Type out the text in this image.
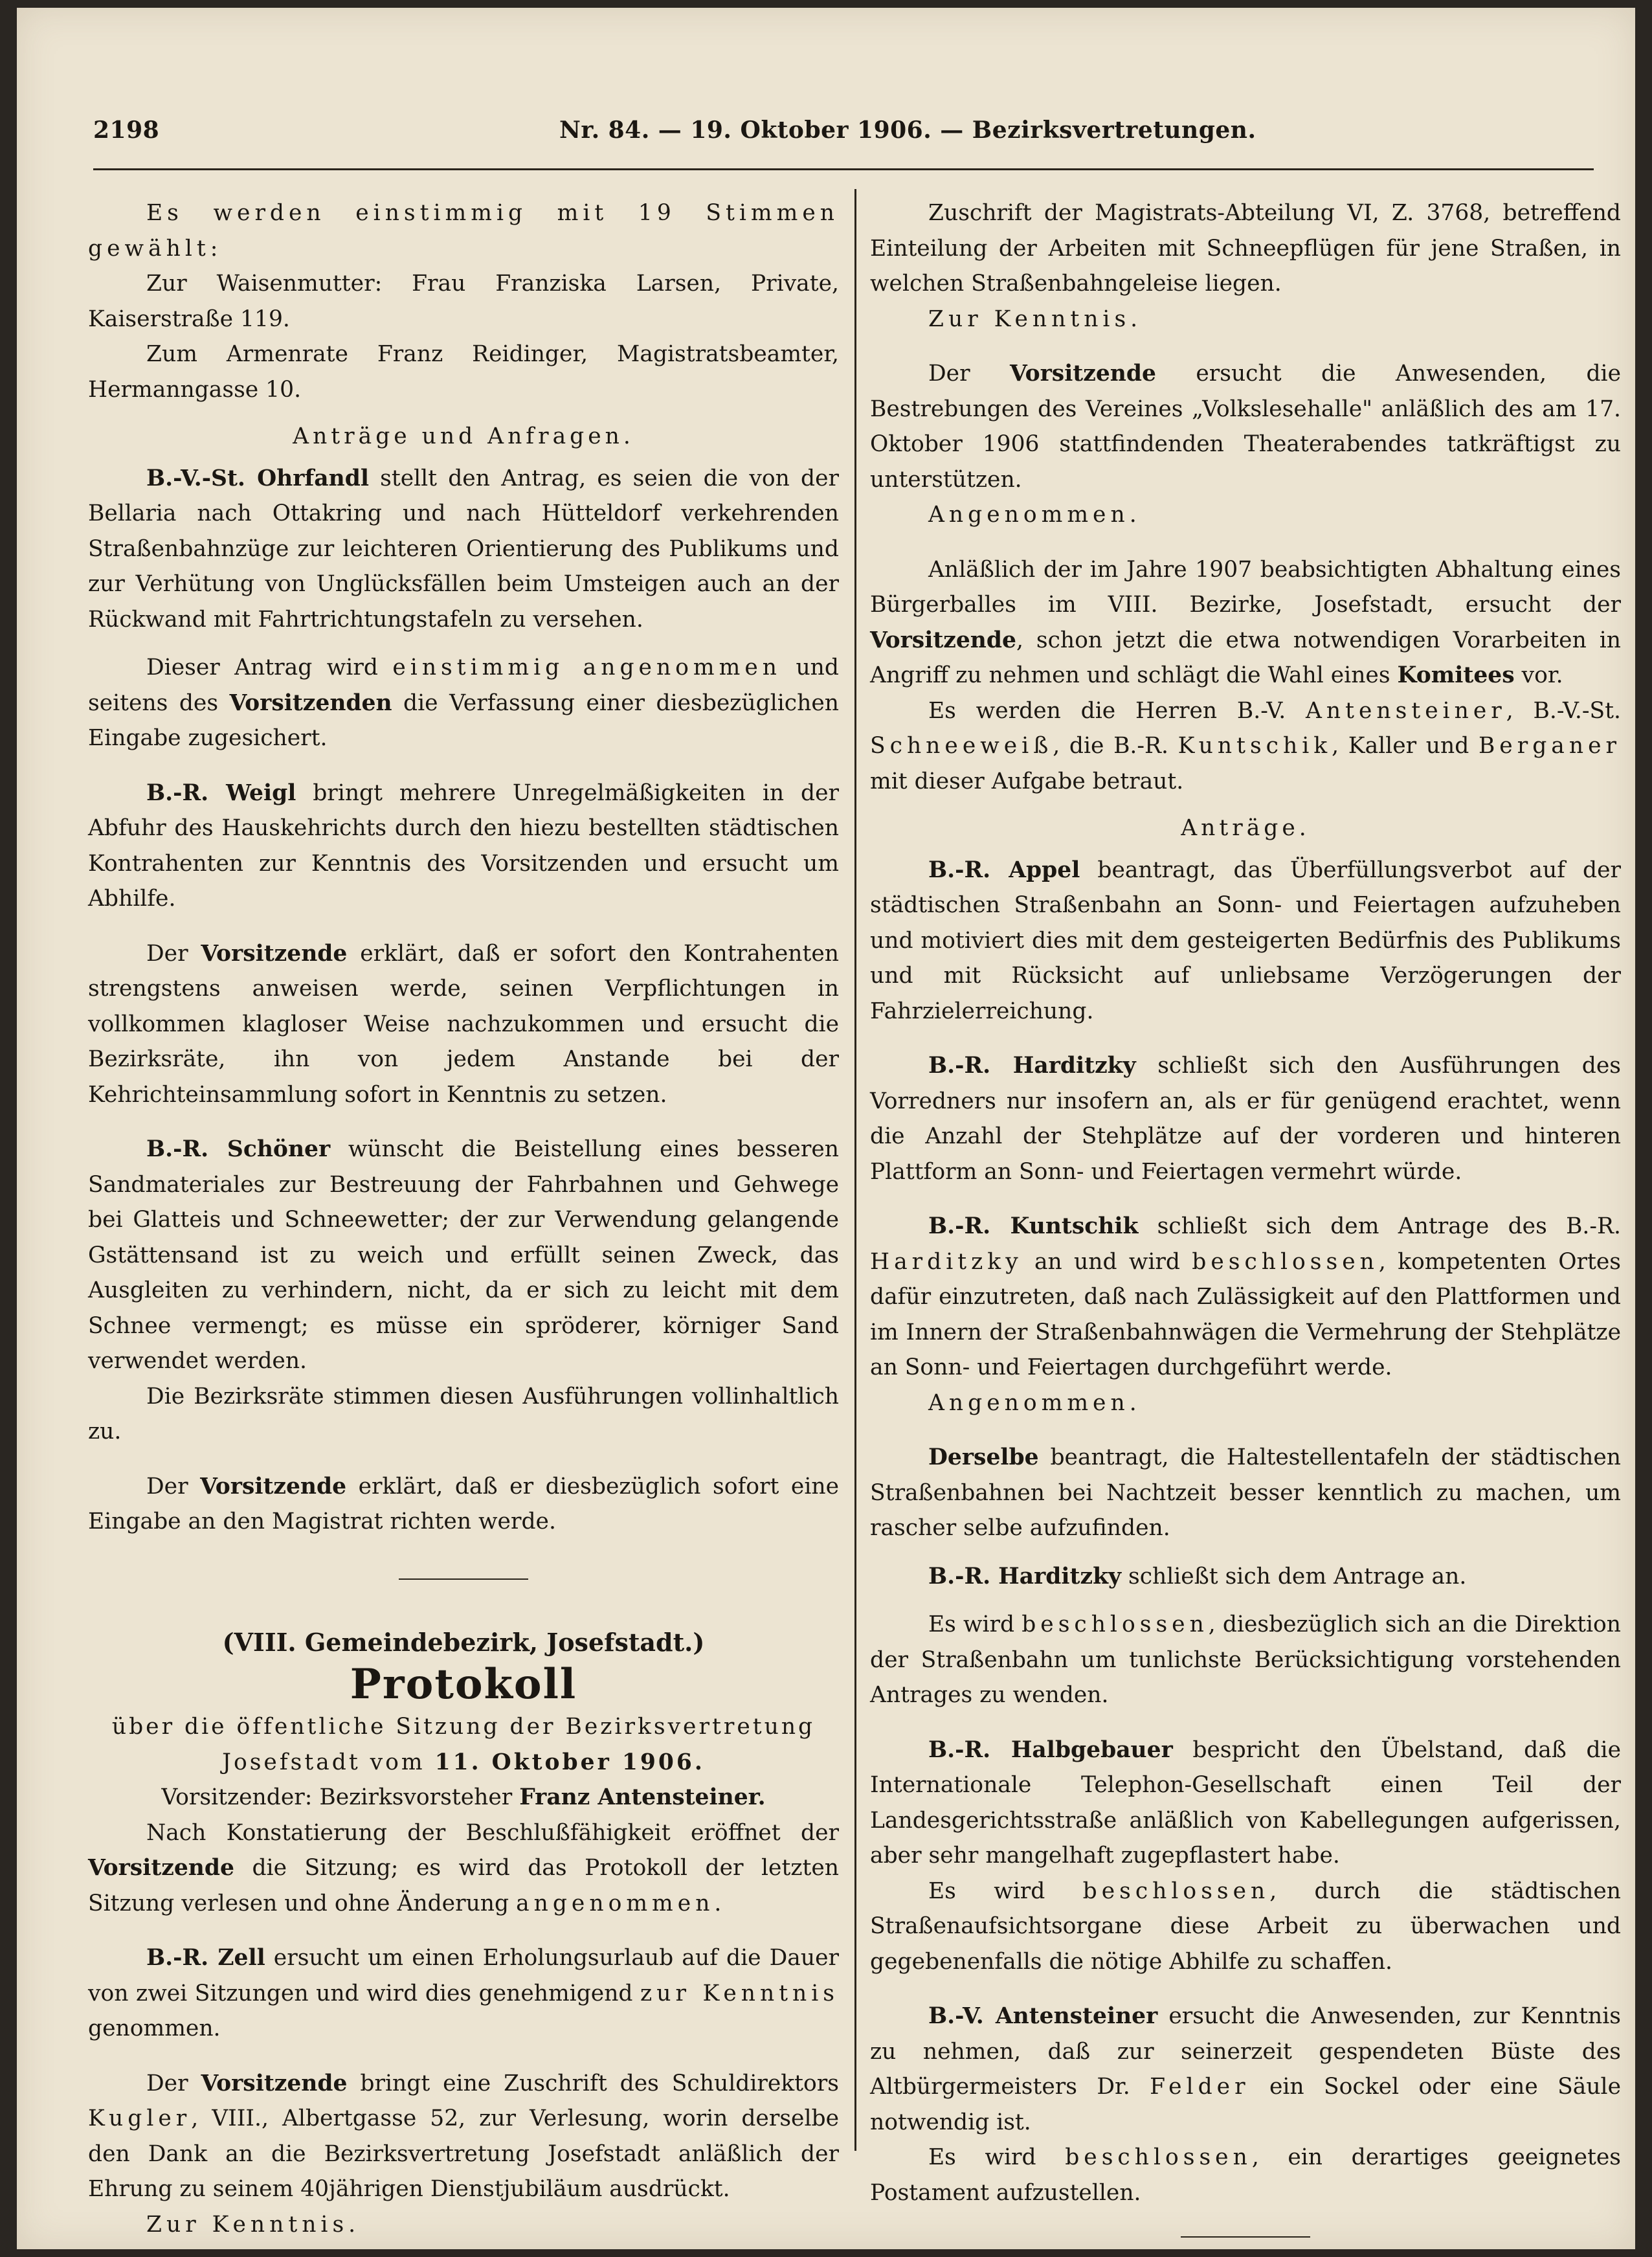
2198	Nr. 84. — 19. Oktober 1906. — Bezirksvertretungen.

Es werden einstimmig mit 19 Stimmen gewählt:

Zur Waisenmutter: Frau Franziska Larsen, Private, Kaiserstraße 119.

Zum Armenrate Franz Reidinger, Magistratsbeamter, Hermanngasse 10.

Anträge und Anfragen.

B.-V.-St. Ohrfandl stellt den Antrag, es seien die von der Bellaria nach Ottakring und nach Hütteldorf verkehrenden Straßenbahnzüge zur leichteren Orientierung des Publikums und zur Verhütung von Unglücksfällen beim Umsteigen auch an der Rückwand mit Fahrtrichtungstafeln zu versehen.

Dieser Antrag wird einstimmig angenommen und seitens des Vorsitzenden die Verfassung einer diesbezüglichen Eingabe zugesichert.

B.-R. Weigl bringt mehrere Unregelmäßigkeiten in der Abfuhr des Hauskehrichts durch den hiezu bestellten städtischen Kontrahenten zur Kenntnis des Vorsitzenden und ersucht um Abhilfe.

Der Vorsitzende erklärt, daß er sofort den Kontrahenten strengstens anweisen werde, seinen Verpflichtungen in vollkommen klagloser Weise nachzukommen und ersucht die Bezirksräte, ihn von jedem Anstande bei der Kehrichteinsammlung sofort in Kenntnis zu setzen.

B.-R. Schöner wünscht die Beistellung eines besseren Sandmateriales zur Bestreuung der Fahrbahnen und Gehwege bei Glatteis und Schneewetter; der zur Verwendung gelangende Gstättensand ist zu weich und erfüllt seinen Zweck, das Ausgleiten zu verhindern, nicht, da er sich zu leicht mit dem Schnee vermengt; es müsse ein spröderer, körniger Sand verwendet werden.

Die Bezirksräte stimmen diesen Ausführungen vollinhaltlich zu.

Der Vorsitzende erklärt, daß er diesbezüglich sofort eine Eingabe an den Magistrat richten werde.

(VIII. Gemeindebezirk, Josefstadt.)

Protokoll

über die öffentliche Sitzung der Bezirksvertretung

Josefstadt vom 11. Oktober 1906.

Vorsitzender: Bezirksvorsteher Franz Antensteiner.

Nach Konstatierung der Beschlußfähigkeit eröffnet der Vorsitzende die Sitzung; es wird das Protokoll der letzten Sitzung verlesen und ohne Änderung angenommen.

B.-R. Zell ersucht um einen Erholungsurlaub auf die Dauer von zwei Sitzungen und wird dies genehmigend zur Kenntnis genommen.

Der Vorsitzende bringt eine Zuschrift des Schuldirektors Kugler, VIII., Albertgasse 52, zur Verlesung, worin derselbe den Dank an die Bezirksvertretung Josefstadt anläßlich der Ehrung zu seinem 40jährigen Dienstjubiläum ausdrückt.

Zur Kenntnis.

Zuschrift der Magistrats-Abteilung VI, Z. 3768, betreffend Einteilung der Arbeiten mit Schneepflügen für jene Straßen, in welchen Straßenbahngeleise liegen.

Zur Kenntnis.

Der Vorsitzende ersucht die Anwesenden, die Bestrebungen des Vereines „Volkslesehalle" anläßlich des am 17. Oktober 1906 stattfindenden Theaterabendes tatkräftigst zu unterstützen.

Angenommen.

Anläßlich der im Jahre 1907 beabsichtigten Abhaltung eines Bürgerballes im VIII. Bezirke, Josefstadt, ersucht der Vorsitzende, schon jetzt die etwa notwendigen Vorarbeiten in Angriff zu nehmen und schlägt die Wahl eines Komitees vor.

Es werden die Herren B.-V. Antensteiner, B.-V.-St. Schneeweiß, die B.-R. Kuntschik, Kaller und Berganer mit dieser Aufgabe betraut.

Anträge.

B.-R. Appel beantragt, das Überfüllungsverbot auf der städtischen Straßenbahn an Sonn- und Feiertagen aufzuheben und motiviert dies mit dem gesteigerten Bedürfnis des Publikums und mit Rücksicht auf unliebsame Verzögerungen der Fahrzielerreichung.

B.-R. Harditzky schließt sich den Ausführungen des Vorredners nur insofern an, als er für genügend erachtet, wenn die Anzahl der Stehplätze auf der vorderen und hinteren Plattform an Sonn- und Feiertagen vermehrt würde.

B.-R. Kuntschik schließt sich dem Antrage des B.-R. Harditzky an und wird beschlossen, kompetenten Ortes dafür einzutreten, daß nach Zulässigkeit auf den Plattformen und im Innern der Straßenbahnwägen die Vermehrung der Stehplätze an Sonn- und Feiertagen durchgeführt werde.

Angenommen.

Derselbe beantragt, die Haltestellentafeln der städtischen Straßenbahnen bei Nachtzeit besser kenntlich zu machen, um rascher selbe aufzufinden.

B.-R. Harditzky schließt sich dem Antrage an.

Es wird beschlossen, diesbezüglich sich an die Direktion der Straßenbahn um tunlichste Berücksichtigung vorstehenden Antrages zu wenden.

B.-R. Halbgebauer bespricht den Übelstand, daß die Internationale Telephon-Gesellschaft einen Teil der Landesgerichtsstraße anläßlich von Kabellegungen aufgerissen, aber sehr mangelhaft zugepflastert habe.

Es wird beschlossen, durch die städtischen Straßenaufsichtsorgane diese Arbeit zu überwachen und gegebenenfalls die nötige Abhilfe zu schaffen.

B.-V. Antensteiner ersucht die Anwesenden, zur Kenntnis zu nehmen, daß zur seinerzeit gespendeten Büste des Altbürgermeisters Dr. Felder ein Sockel oder eine Säule notwendig ist.

Es wird beschlossen, ein derartiges geeignetes Postament aufzustellen.
